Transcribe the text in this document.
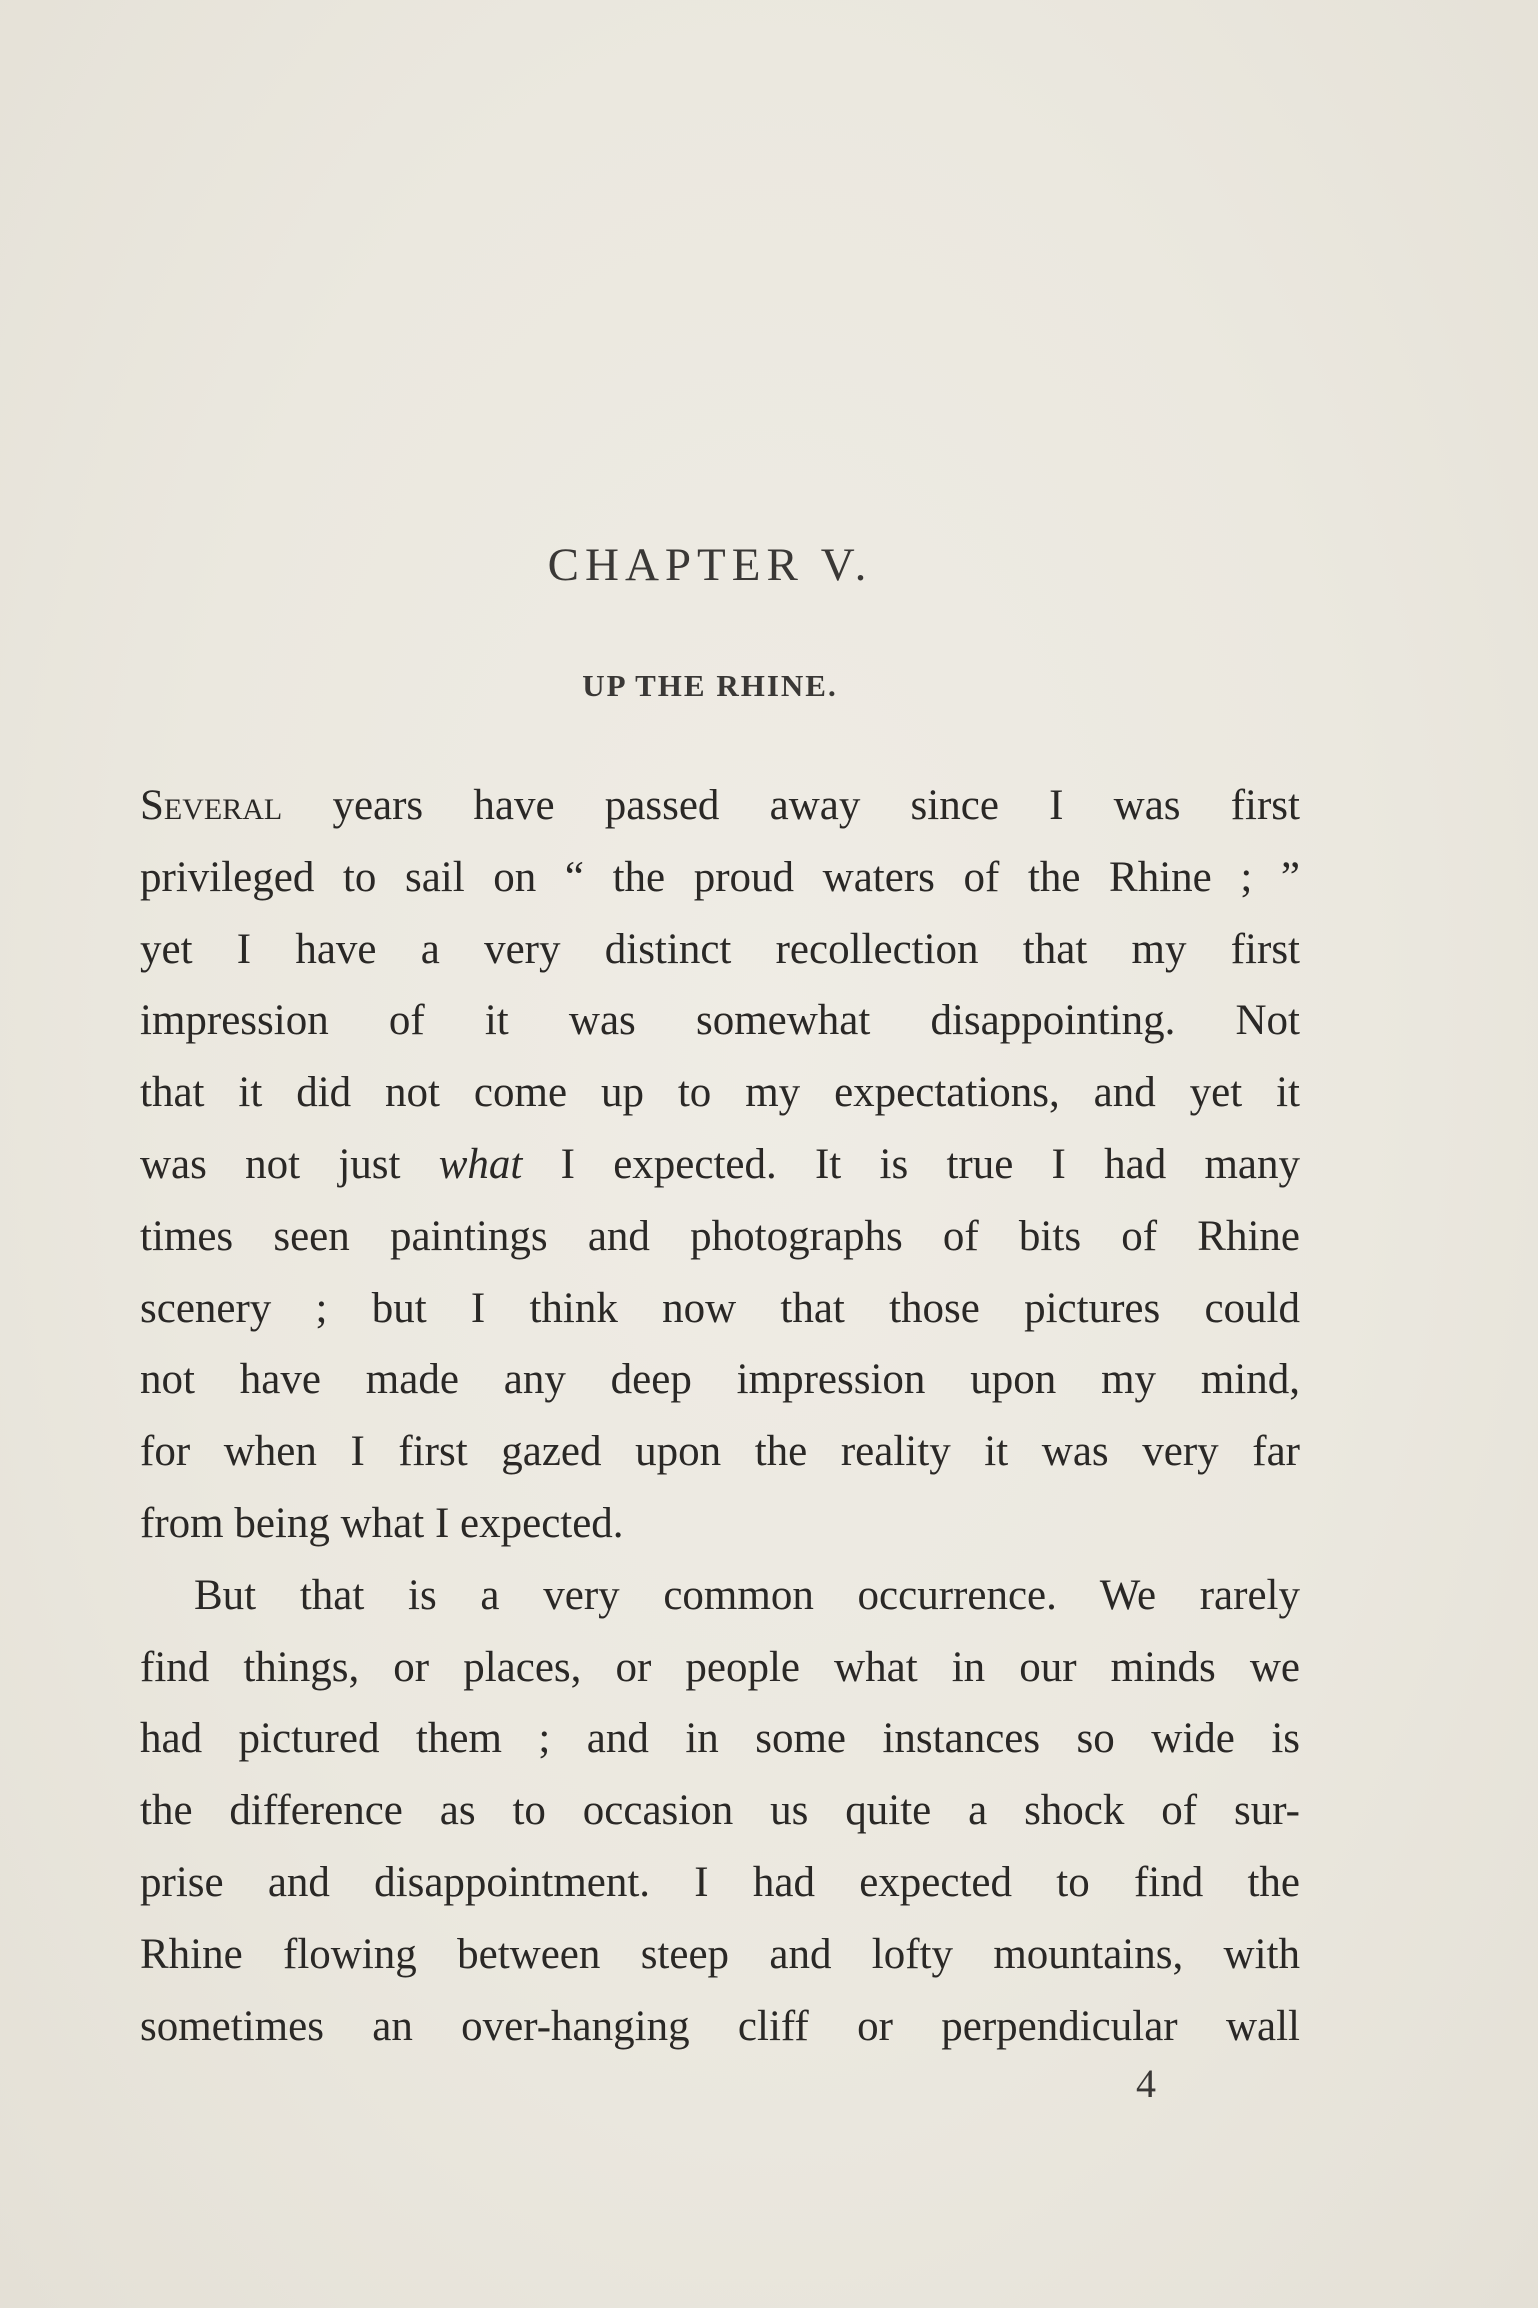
CHAPTER V.
UP THE RHINE.
Several years have passed away since I was first
privileged to sail on “ the proud waters of the Rhine ; ”
yet I have a very distinct recollection that my first
impression of it was somewhat disappointing. Not
that it did not come up to my expectations, and yet it
was not just what I expected. It is true I had many
times seen paintings and photographs of bits of Rhine
scenery ; but I think now that those pictures could
not have made any deep impression upon my mind,
for when I first gazed upon the reality it was very far
from being what I expected.
But that is a very common occurrence. We rarely
find things, or places, or people what in our minds we
had pictured them ; and in some instances so wide is
the difference as to occasion us quite a shock of sur-
prise and disappointment. I had expected to find the
Rhine flowing between steep and lofty mountains, with
sometimes an over-hanging cliff or perpendicular wall
4
